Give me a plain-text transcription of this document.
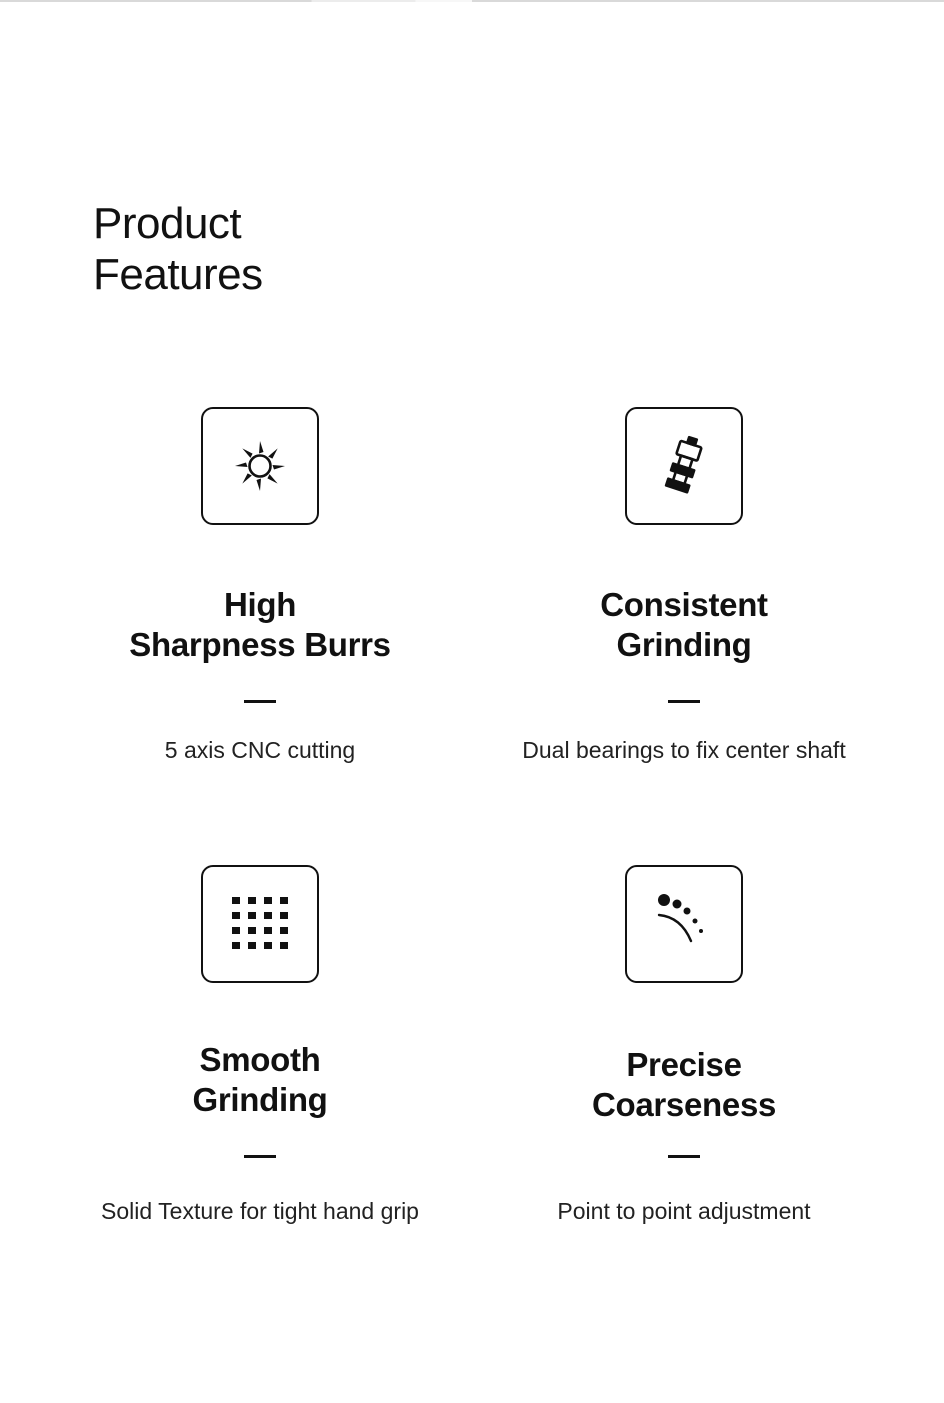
Product
Features
High
Sharpness Burrs

5 axis CNC cutting

Consistent
Grinding

Dual bearings to fix center shaft

Smooth
Grinding

Solid Texture for tight hand grip

Precise
Coarseness

Point to point adjustment
